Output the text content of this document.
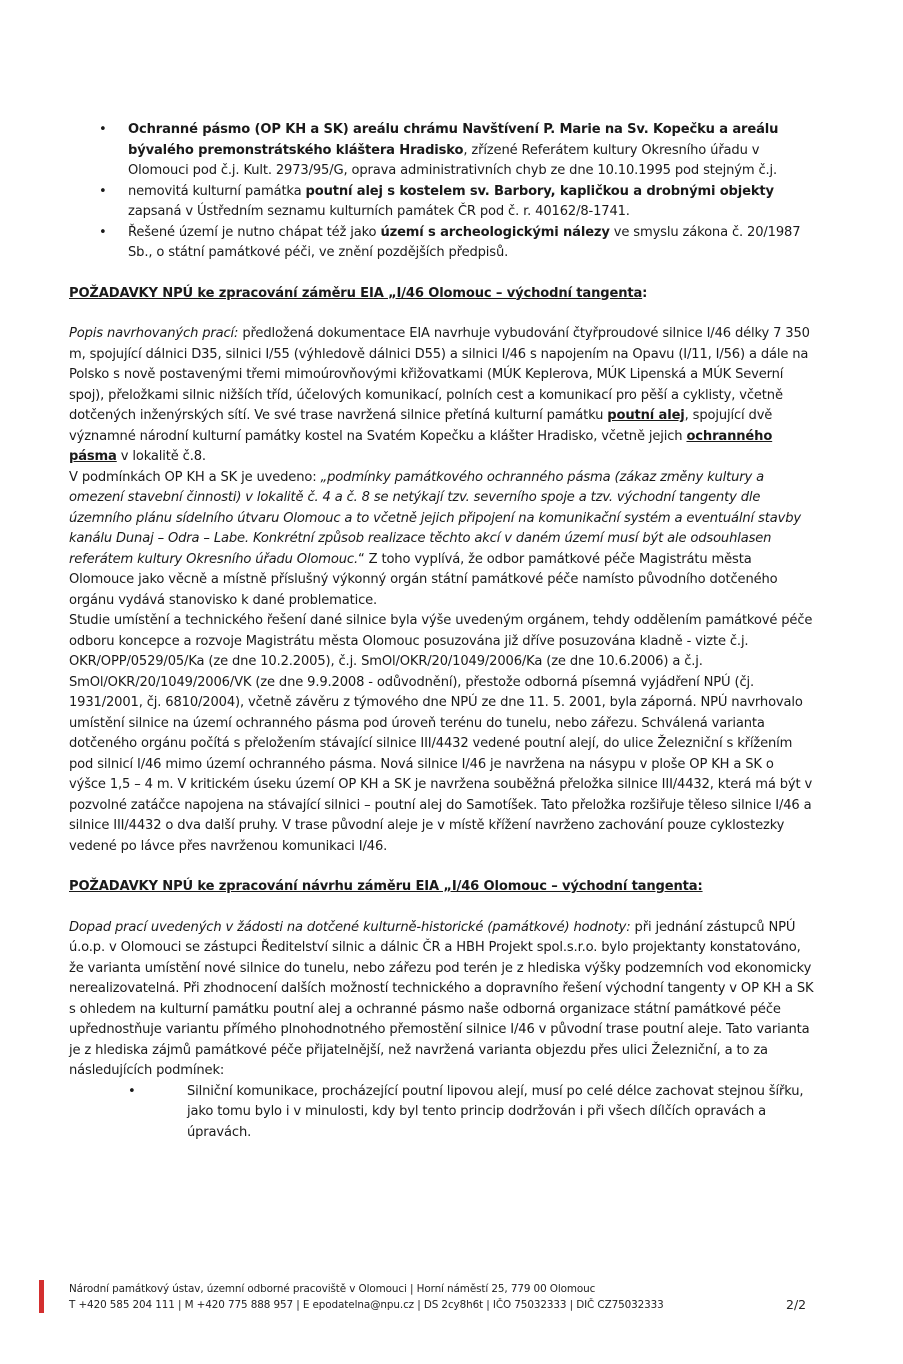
• Ochranné pásmo (OP KH a SK) areálu chrámu Navštívení P. Marie na Sv. Kopečku a areálu bývalého premonstrátského kláštera Hradisko, zřízené Referátem kultury Okresního úřadu v Olomouci pod č.j. Kult. 2973/95/G, oprava administrativních chyb ze dne 10.10.1995 pod stejným č.j.
• nemovitá kulturní památka poutní alej s kostelem sv. Barbory, kapličkou a drobnými objekty zapsaná v Ústředním seznamu kulturních památek ČR pod č. r. 40162/8-1741.
• Řešené území je nutno chápat též jako území s archeologickými nálezy ve smyslu zákona č. 20/1987 Sb., o státní památkové péči, ve znění pozdějších předpisů.

POŽADAVKY NPÚ ke zpracování záměru EIA „I/46 Olomouc – východní tangenta:

Popis navrhovaných prací: předložená dokumentace EIA navrhuje vybudování čtyřproudové silnice I/46 délky 7 350 m, spojující dálnici D35, silnici I/55 (výhledově dálnici D55) a silnici I/46 s napojením na Opavu (I/11, I/56) a dále na Polsko s nově postavenými třemi mimoúrovňovými křižovatkami (MÚK Keplerova, MÚK Lipenská a MÚK Severní spoj), přeložkami silnic nižších tříd, účelových komunikací, polních cest a komunikací pro pěší a cyklisty, včetně dotčených inženýrských sítí. Ve své trase navržená silnice přetíná kulturní památku poutní alej, spojující dvě významné národní kulturní památky kostel na Svatém Kopečku a klášter Hradisko, včetně jejich ochranného pásma v lokalitě č.8.

V podmínkách OP KH a SK je uvedeno: „podmínky památkového ochranného pásma (zákaz změny kultury a omezení stavební činnosti) v lokalitě č. 4 a č. 8 se netýkají tzv. severního spoje a tzv. východní tangenty dle územního plánu sídelního útvaru Olomouc a to včetně jejich připojení na komunikační systém a eventuální stavby kanálu Dunaj – Odra – Labe. Konkrétní způsob realizace těchto akcí v daném území musí být ale odsouhlasen referátem kultury Okresního úřadu Olomouc.“ Z toho vyplívá, že odbor památkové péče Magistrátu města Olomouce jako věcně a místně příslušný výkonný orgán státní památkové péče namísto původního dotčeného orgánu vydává stanovisko k dané problematice.

Studie umístění a technického řešení dané silnice byla výše uvedeným orgánem, tehdy oddělením památkové péče odboru koncepce a rozvoje Magistrátu města Olomouc posuzována již dříve posuzována kladně - vizte č.j. OKR/OPP/0529/05/Ka (ze dne 10.2.2005), č.j. SmOl/OKR/20/1049/2006/Ka (ze dne 10.6.2006) a č.j. SmOl/OKR/20/1049/2006/VK (ze dne 9.9.2008 - odůvodnění), přestože odborná písemná vyjádření NPÚ (čj. 1931/2001, čj. 6810/2004), včetně závěru z týmového dne NPÚ ze dne 11. 5. 2001, byla záporná. NPÚ navrhovalo umístění silnice na území ochranného pásma pod úroveň terénu do tunelu, nebo zářezu. Schválená varianta dotčeného orgánu počítá s přeložením stávající silnice III/4432 vedené poutní alejí, do ulice Železniční s křížením pod silnicí I/46 mimo území ochranného pásma. Nová silnice I/46 je navržena na násypu v ploše OP KH a SK o výšce 1,5 – 4 m. V kritickém úseku území OP KH a SK je navržena souběžná přeložka silnice III/4432, která má být v pozvolné zatáčce napojena na stávající silnici – poutní alej do Samotíšek. Tato přeložka rozšiřuje těleso silnice I/46 a silnice III/4432 o dva další pruhy. V trase původní aleje je v místě křížení navrženo zachování pouze cyklostezky vedené po lávce přes navrženou komunikaci I/46.

POŽADAVKY NPÚ ke zpracování návrhu záměru EIA „I/46 Olomouc – východní tangenta:

Dopad prací uvedených v žádosti na dotčené kulturně-historické (památkové) hodnoty: při jednání zástupců NPÚ ú.o.p. v Olomouci se zástupci Ředitelství silnic a dálnic ČR a HBH Projekt spol.s.r.o. bylo projektanty konstatováno, že varianta umístění nové silnice do tunelu, nebo zářezu pod terén je z hlediska výšky podzemních vod ekonomicky nerealizovatelná. Při zhodnocení dalších možností technického a dopravního řešení východní tangenty v OP KH a SK s ohledem na kulturní památku poutní alej a ochranné pásmo naše odborná organizace státní památkové péče upřednostňuje variantu přímého plnohodnotného přemostění silnice I/46 v původní trase poutní aleje. Tato varianta je z hlediska zájmů památkové péče přijatelnější, než navržená varianta objezdu přes ulici Železniční, a to za následujících podmínek:

•	Silniční komunikace, procházející poutní lipovou alejí, musí po celé délce zachovat stejnou šířku, jako tomu bylo i v minulosti, kdy byl tento princip dodržován i při všech dílčích opravách a úpravách.
Národní památkový ústav, územní odborné pracoviště v Olomouci | Horní náměstí 25, 779 00 Olomouc
T +420 585 204 111 | M +420 775 888 957 | E epodatelna@npu.cz | DS 2cy8h6t | IČO 75032333 | DIČ CZ75032333	2/2
